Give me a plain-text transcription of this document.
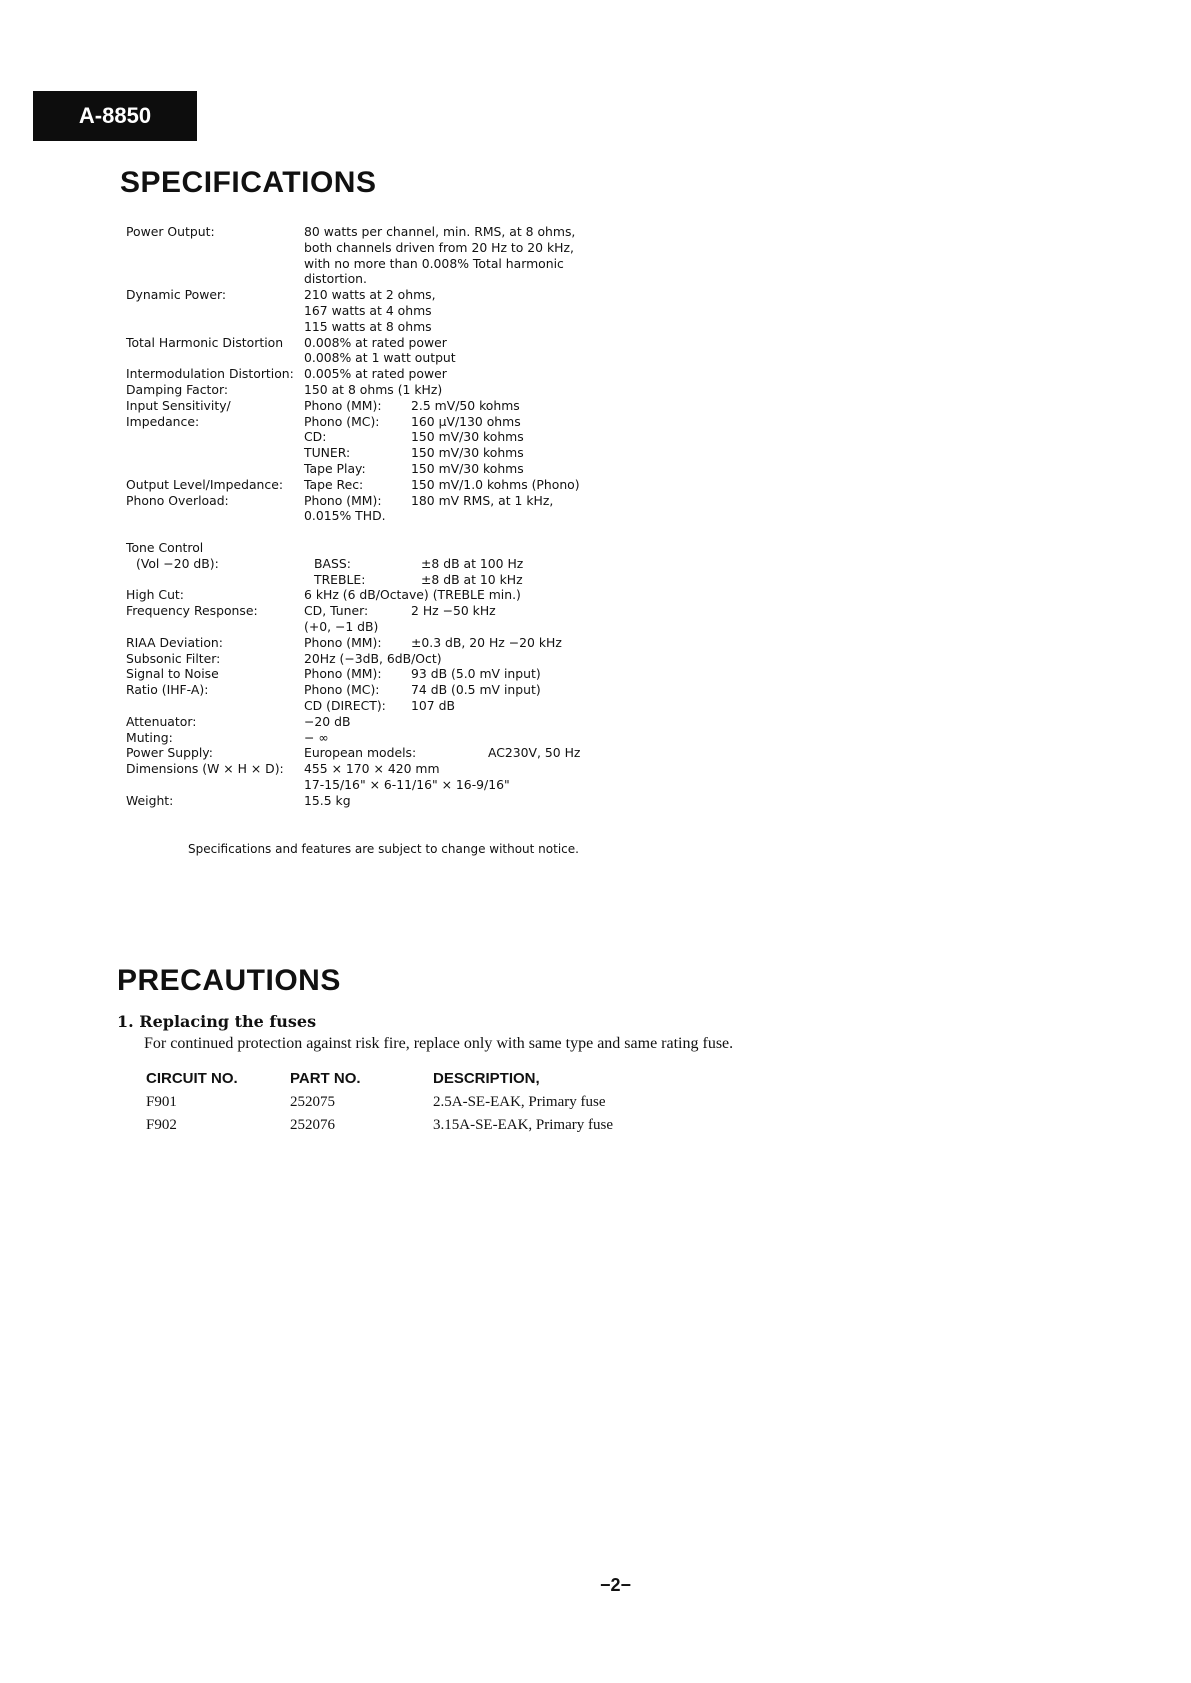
A-8850
SPECIFICATIONS
Power Output:	80 watts per channel, min. RMS, at 8 ohms,
both channels driven from 20 Hz to 20 kHz,
with no more than 0.008% Total harmonic
distortion.
Dynamic Power:	210 watts at 2 ohms,
167 watts at 4 ohms
115 watts at 8 ohms
Total Harmonic Distortion	0.008% at rated power
0.008% at 1 watt output
Intermodulation Distortion: 0.005% at rated power
Damping Factor:	150 at 8 ohms (1 kHz)
Input Sensitivity/	Phono (MM): 2.5 mV/50 kohms
Impedance:	Phono (MC):	160 µV/130 ohms
CD:	150 mV/30 kohms
TUNER:	150 mV/30 kohms
Tape Play:	150 mV/30 kohms
Output Level/Impedance:	Tape Rec:	150 mV/1.0 kohms (Phono)
Phono Overload:	Phono (MM): 180 mV RMS, at 1 kHz,
0.015% THD.
Tone Control
(Vol −20 dB):	BASS:	±8 dB at 100 Hz
TREBLE:	±8 dB at 10 kHz
High Cut:	6 kHz (6 dB/Octave) (TREBLE min.)
Frequency Response:	CD, Tuner:	2 Hz −50 kHz
(+0, −1 dB)
RIAA Deviation:	Phono (MM): ±0.3 dB, 20 Hz −20 kHz
Subsonic Filter:	20Hz (−3dB, 6dB/Oct)
Signal to Noise	Phono (MM): 93 dB (5.0 mV input)
Ratio (IHF-A):	Phono (MC):	74 dB (0.5 mV input)
CD (DIRECT): 107 dB
Attenuator:	−20 dB
Muting:	− ∞
Power Supply:	European models:	AC230V, 50 Hz
Dimensions (W × H × D):	455 × 170 × 420 mm
17-15/16" × 6-11/16" × 16-9/16"
Weight:	15.5 kg
Specifications and features are subject to change without notice.
PRECAUTIONS
1. Replacing the fuses
For continued protection against risk fire, replace only with same type and same rating fuse.
CIRCUIT NO.	PART NO.	DESCRIPTION,
F901	252075	2.5A-SE-EAK, Primary fuse
F902	252076	3.15A-SE-EAK, Primary fuse
−2−
